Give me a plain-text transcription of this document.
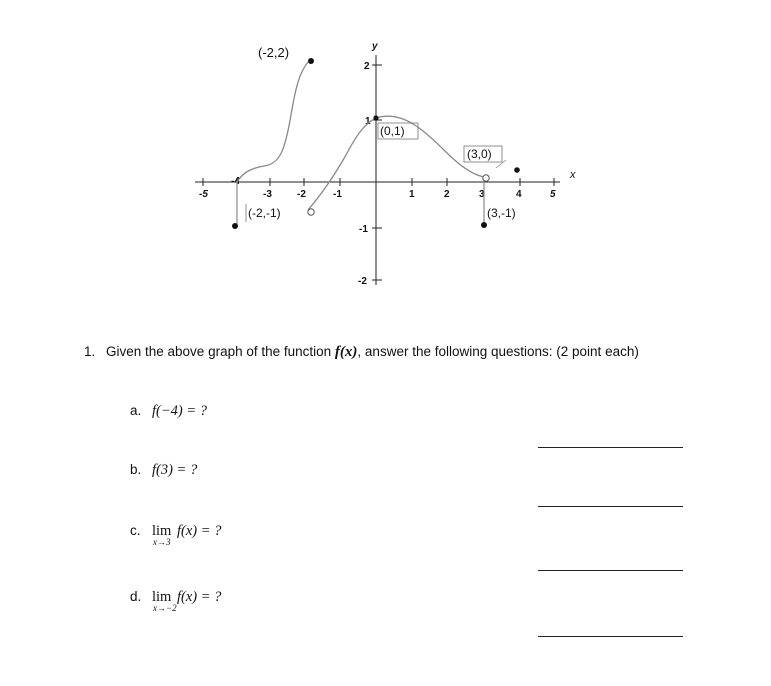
y
x
-5
-4
-3	-2	-1	1	2	3	4	5
2
1
-1
-2
(-2,2)
(0,1)
(3,0)
(-2,-1)	(3,-1)
1. Given the above graph of the function f(x), answer the following questions: (2 point each)
a. f(−4) = ?
b. f(3) = ?
c. lim
x→3
f(x) = ?
d. lim
x→−2
f(x) = ?
